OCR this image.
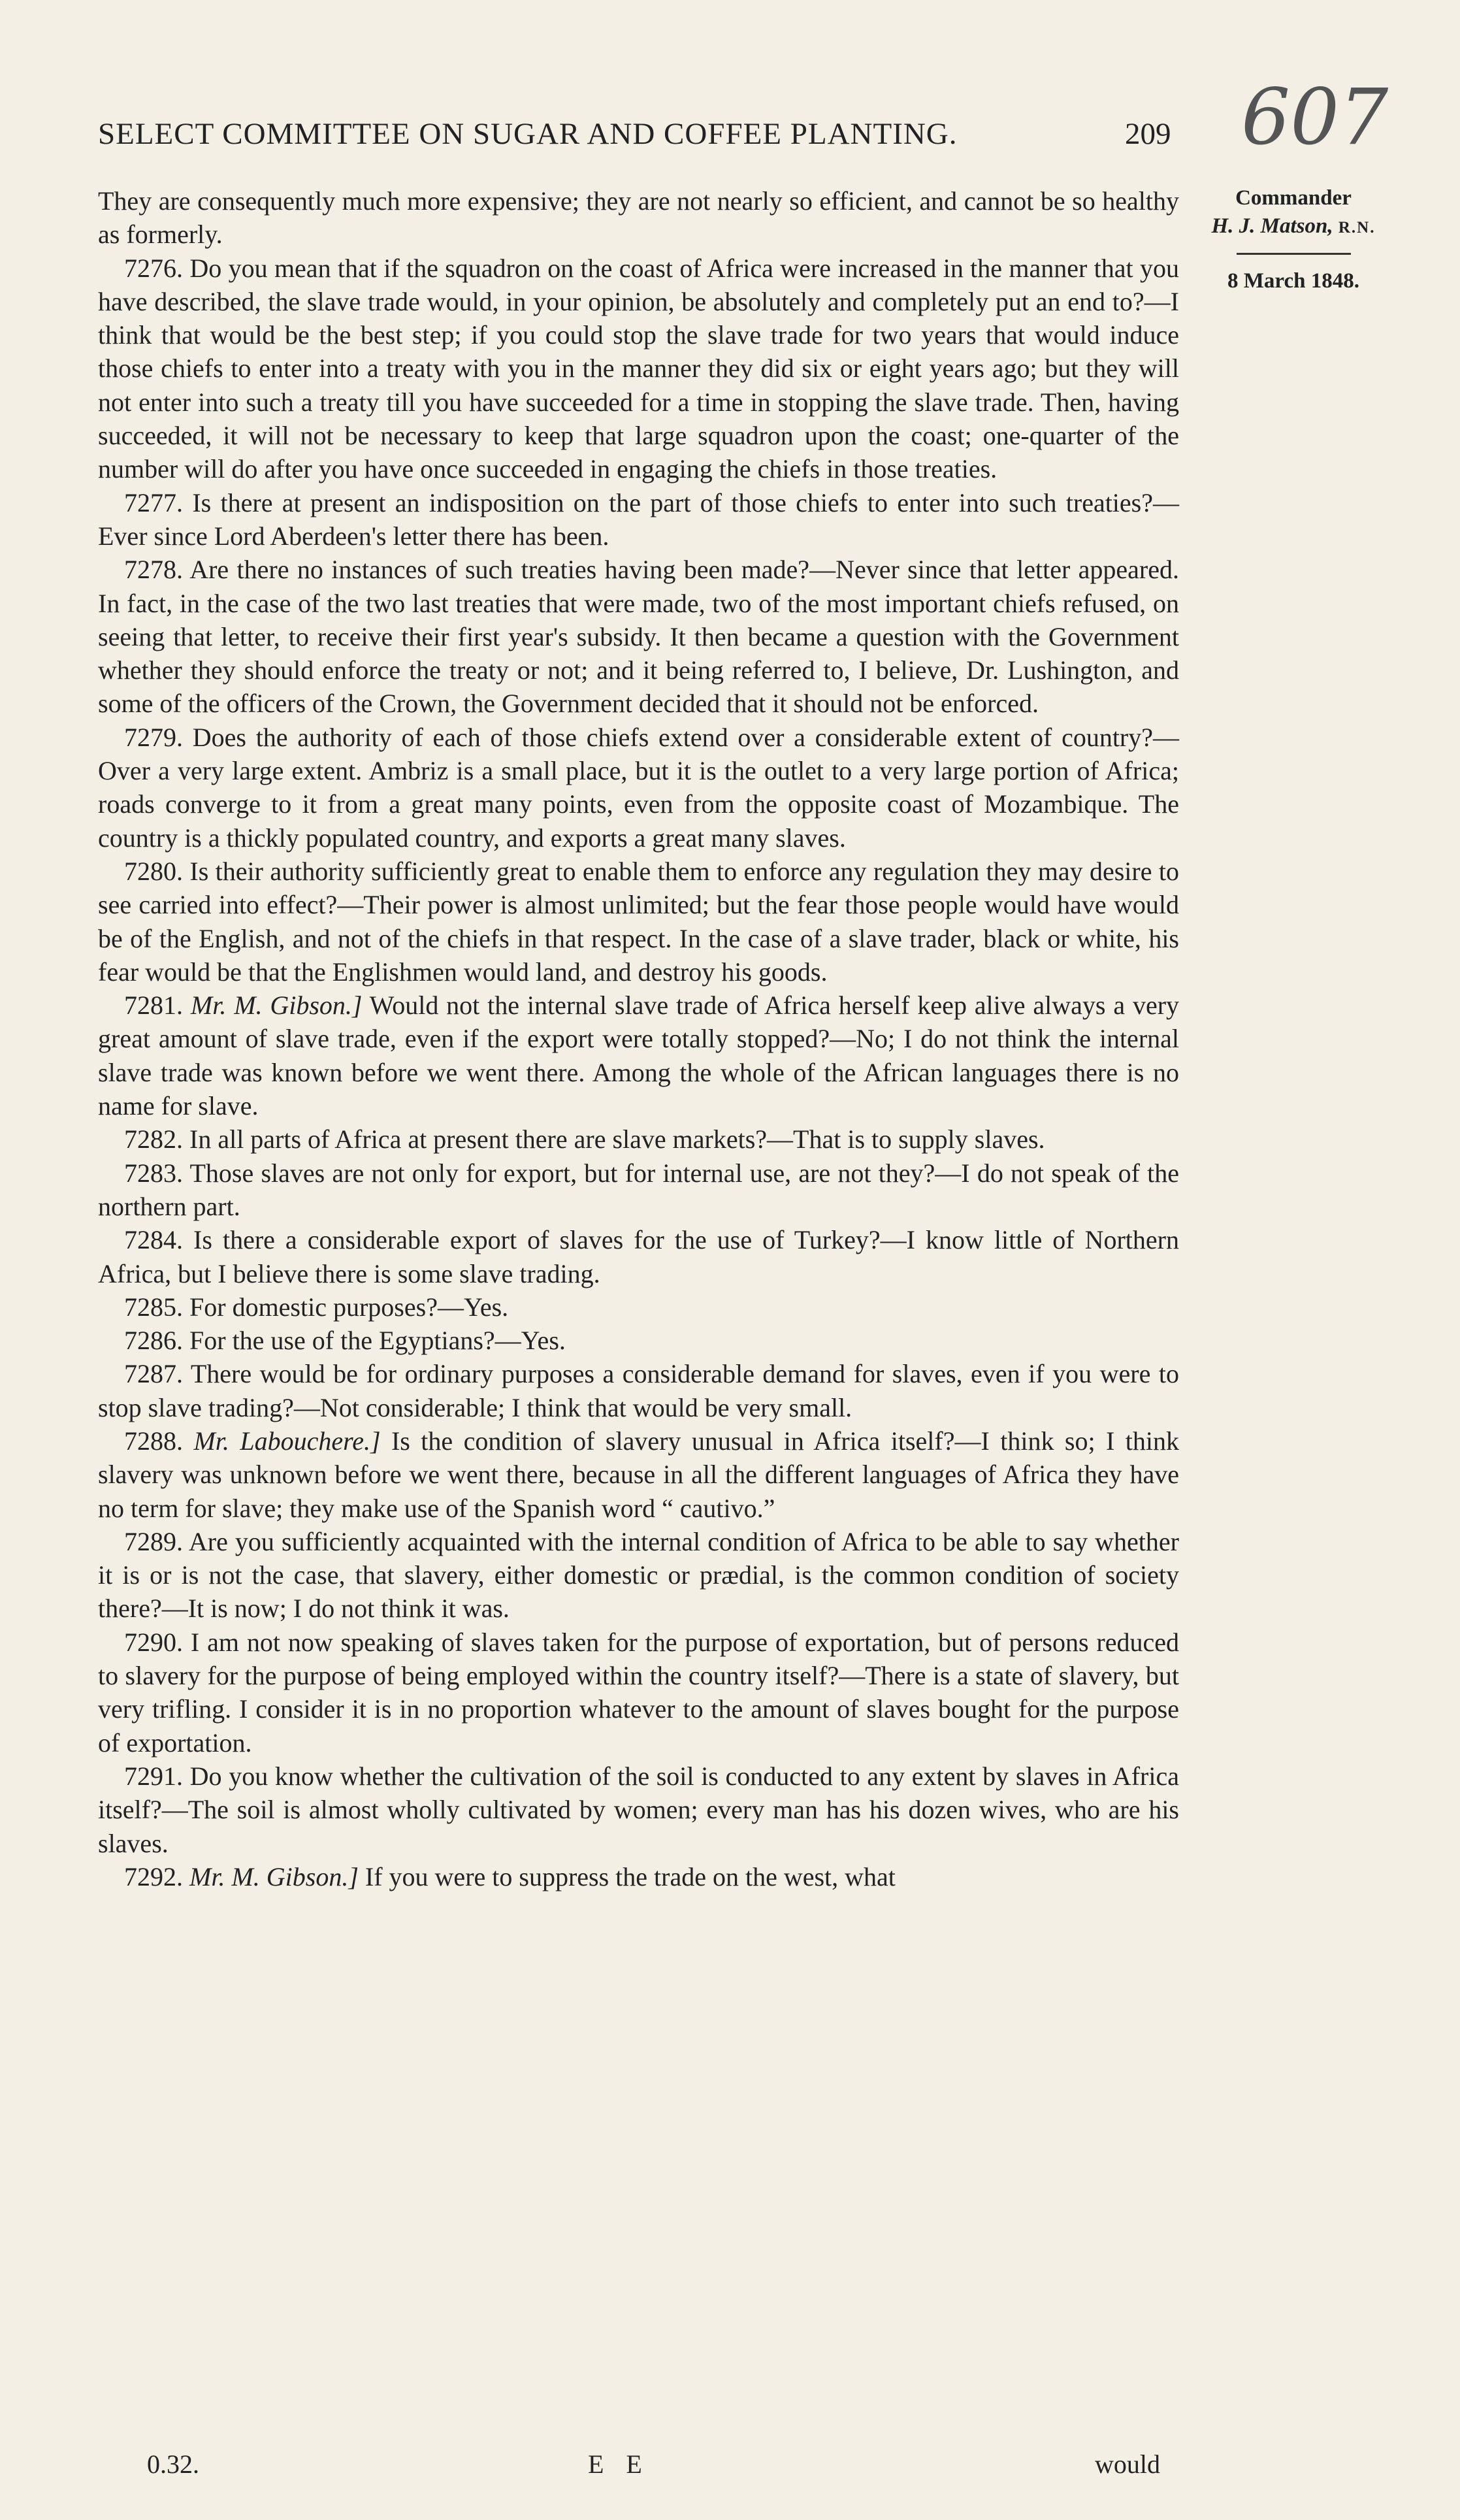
SELECT COMMITTEE ON SUGAR AND COFFEE PLANTING.	209 607
Commander
H. J. Matson, R.N.
8 March 1848.

They are consequently much more expensive; they are not nearly so efficient, and cannot be so healthy as formerly.

7276. Do you mean that if the squadron on the coast of Africa were increased in the manner that you have described, the slave trade would, in your opinion, be absolutely and completely put an end to?—I think that would be the best step; if you could stop the slave trade for two years that would induce those chiefs to enter into a treaty with you in the manner they did six or eight years ago; but they will not enter into such a treaty till you have succeeded for a time in stopping the slave trade. Then, having succeeded, it will not be necessary to keep that large squadron upon the coast; one-quarter of the number will do after you have once succeeded in engaging the chiefs in those treaties.

7277. Is there at present an indisposition on the part of those chiefs to enter into such treaties?—Ever since Lord Aberdeen's letter there has been.

7278. Are there no instances of such treaties having been made?—Never since that letter appeared. In fact, in the case of the two last treaties that were made, two of the most important chiefs refused, on seeing that letter, to receive their first year's subsidy. It then became a question with the Government whether they should enforce the treaty or not; and it being referred to, I believe, Dr. Lushington, and some of the officers of the Crown, the Government decided that it should not be enforced.

7279. Does the authority of each of those chiefs extend over a considerable extent of country?—Over a very large extent. Ambriz is a small place, but it is the outlet to a very large portion of Africa; roads converge to it from a great many points, even from the opposite coast of Mozambique. The country is a thickly populated country, and exports a great many slaves.

7280. Is their authority sufficiently great to enable them to enforce any regulation they may desire to see carried into effect?—Their power is almost unlimited; but the fear those people would have would be of the English, and not of the chiefs in that respect. In the case of a slave trader, black or white, his fear would be that the Englishmen would land, and destroy his goods.

7281. Mr. M. Gibson.] Would not the internal slave trade of Africa herself keep alive always a very great amount of slave trade, even if the export were totally stopped?—No; I do not think the internal slave trade was known before we went there. Among the whole of the African languages there is no name for slave.

7282. In all parts of Africa at present there are slave markets?—That is to supply slaves.

7283. Those slaves are not only for export, but for internal use, are not they?—I do not speak of the northern part.

7284. Is there a considerable export of slaves for the use of Turkey?—I know little of Northern Africa, but I believe there is some slave trading.

7285. For domestic purposes?—Yes.

7286. For the use of the Egyptians?—Yes.

7287. There would be for ordinary purposes a considerable demand for slaves, even if you were to stop slave trading?—Not considerable; I think that would be very small.

7288. Mr. Labouchere.] Is the condition of slavery unusual in Africa itself?—I think so; I think slavery was unknown before we went there, because in all the different languages of Africa they have no term for slave; they make use of the Spanish word “ cautivo.”

7289. Are you sufficiently acquainted with the internal condition of Africa to be able to say whether it is or is not the case, that slavery, either domestic or prædial, is the common condition of society there?—It is now; I do not think it was.

7290. I am not now speaking of slaves taken for the purpose of exportation, but of persons reduced to slavery for the purpose of being employed within the country itself?—There is a state of slavery, but very trifling. I consider it is in no proportion whatever to the amount of slaves bought for the purpose of exportation.

7291. Do you know whether the cultivation of the soil is conducted to any extent by slaves in Africa itself?—The soil is almost wholly cultivated by women; every man has his dozen wives, who are his slaves.

7292. Mr. M. Gibson.] If you were to suppress the trade on the west, what

0.32.	E E	would
